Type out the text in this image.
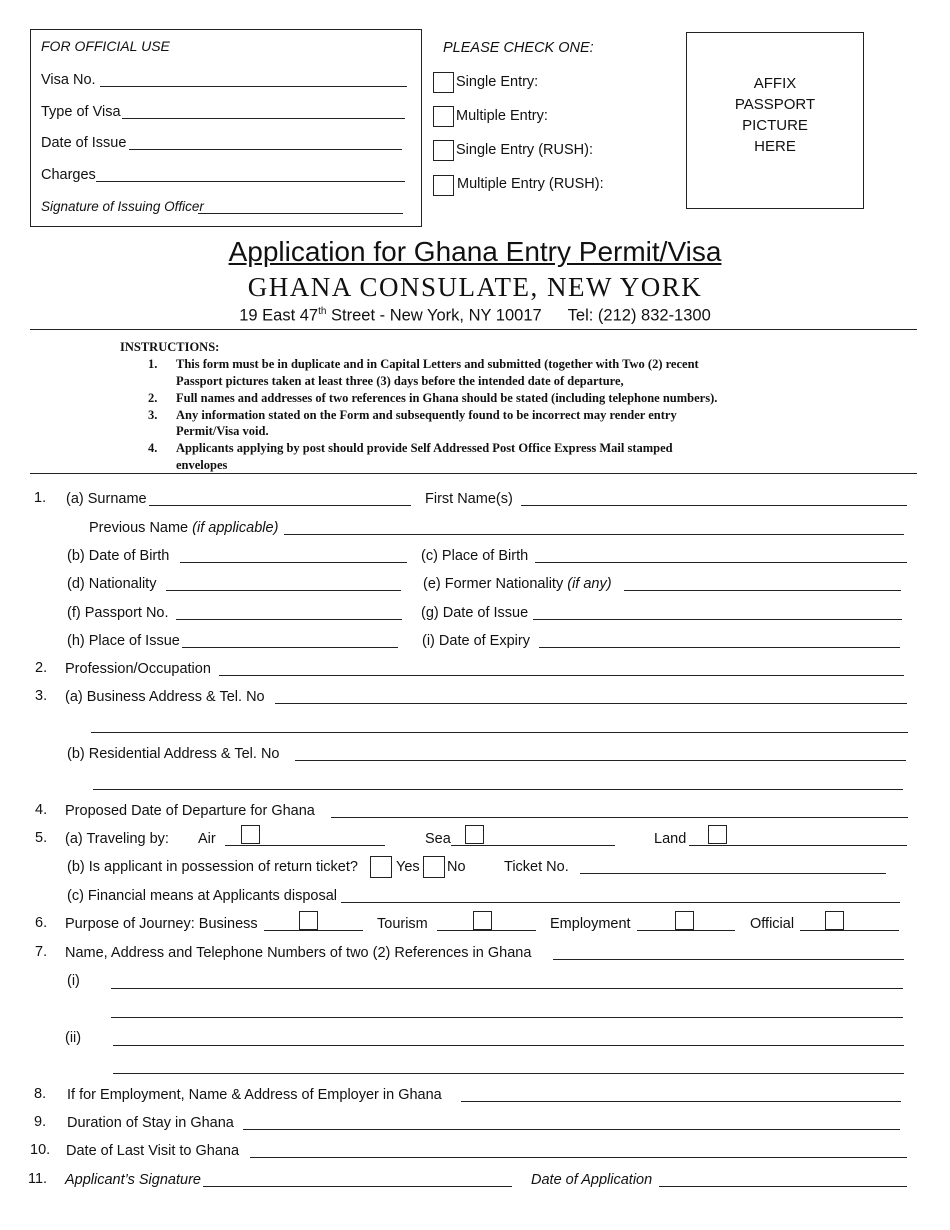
FOR OFFICIAL USE
Visa No.
Type of Visa
Date of Issue
Charges
Signature of Issuing Officer
PLEASE CHECK ONE:
Single Entry:
Multiple Entry:
Single Entry (RUSH):
Multiple Entry (RUSH):
AFFIX
PASSPORT
PICTURE
HERE
Application for Ghana Entry Permit/Visa
GHANA CONSULATE, NEW YORK
19 East 47th Street - New York, NY 10017 Tel: (212) 832-1300
INSTRUCTIONS:
1. This form must be in duplicate and in Capital Letters and submitted (together with Two (2) recent
Passport pictures taken at least three (3) days before the intended date of departure,
2. Full names and addresses of two references in Ghana should be stated (including telephone numbers).
3. Any information stated on the Form and subsequently found to be incorrect may render entry
Permit/Visa void.
4. Applicants applying by post should provide Self Addressed Post Office Express Mail stamped
envelopes
1. (a) Surname	First Name(s)
Previous Name (if applicable)
(b) Date of Birth	(c) Place of Birth
(d) Nationality	(e) Former Nationality (if any)
(f) Passport No.	(g) Date of Issue
(h) Place of Issue	(i) Date of Expiry
2. Profession/Occupation
3. (a) Business Address & Tel. No
(b) Residential Address & Tel. No
4. Proposed Date of Departure for Ghana
5. (a) Traveling by: Air	Sea	Land
(b) Is applicant in possession of return ticket?	Yes No	Ticket No.
(c) Financial means at Applicants disposal
6. Purpose of Journey: Business	Tourism	Employment	Official
7. Name, Address and Telephone Numbers of two (2) References in Ghana
(i)
(ii)
8. If for Employment, Name & Address of Employer in Ghana
9. Duration of Stay in Ghana
10. Date of Last Visit to Ghana
11. Applicant’s Signature	Date of Application
